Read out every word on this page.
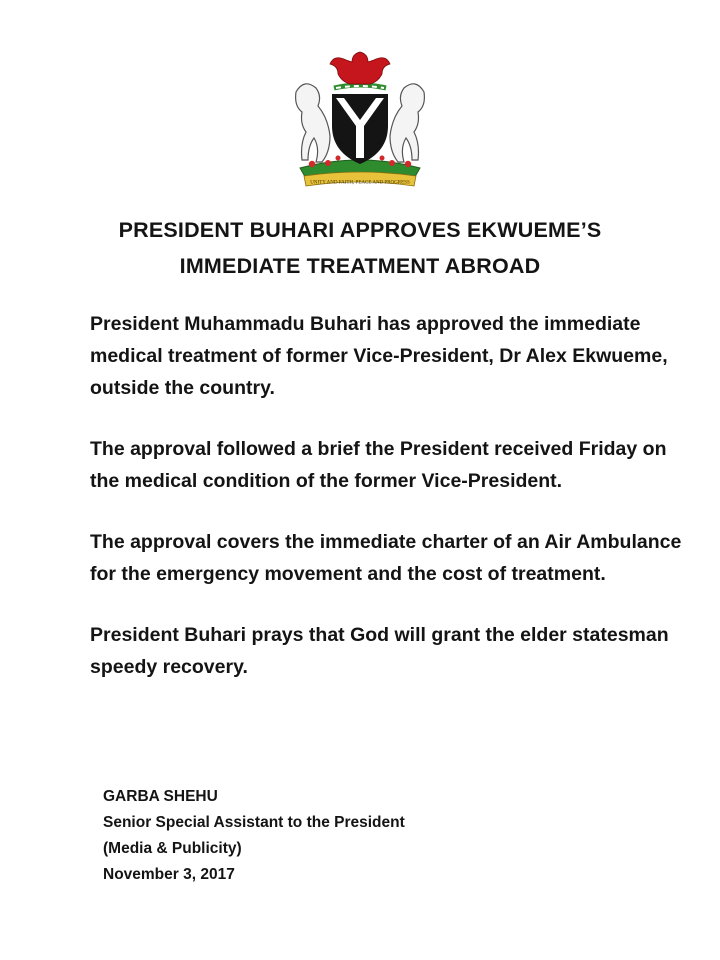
UNITY AND FAITH, PEACE AND PROGRESS
PRESIDENT BUHARI APPROVES EKWUEME’S
IMMEDIATE TREATMENT ABROAD

President Muhammadu Buhari has approved the immediate medical treatment of former Vice-President, Dr Alex Ekwueme, outside the country.

The approval followed a brief the President received Friday on the medical condition of the former Vice-President.

The approval covers the immediate charter of an Air Ambulance for the emergency movement and the cost of treatment.

President Buhari prays that God will grant the elder statesman speedy recovery.

GARBA SHEHU
Senior Special Assistant to the President
(Media & Publicity)
November 3, 2017
